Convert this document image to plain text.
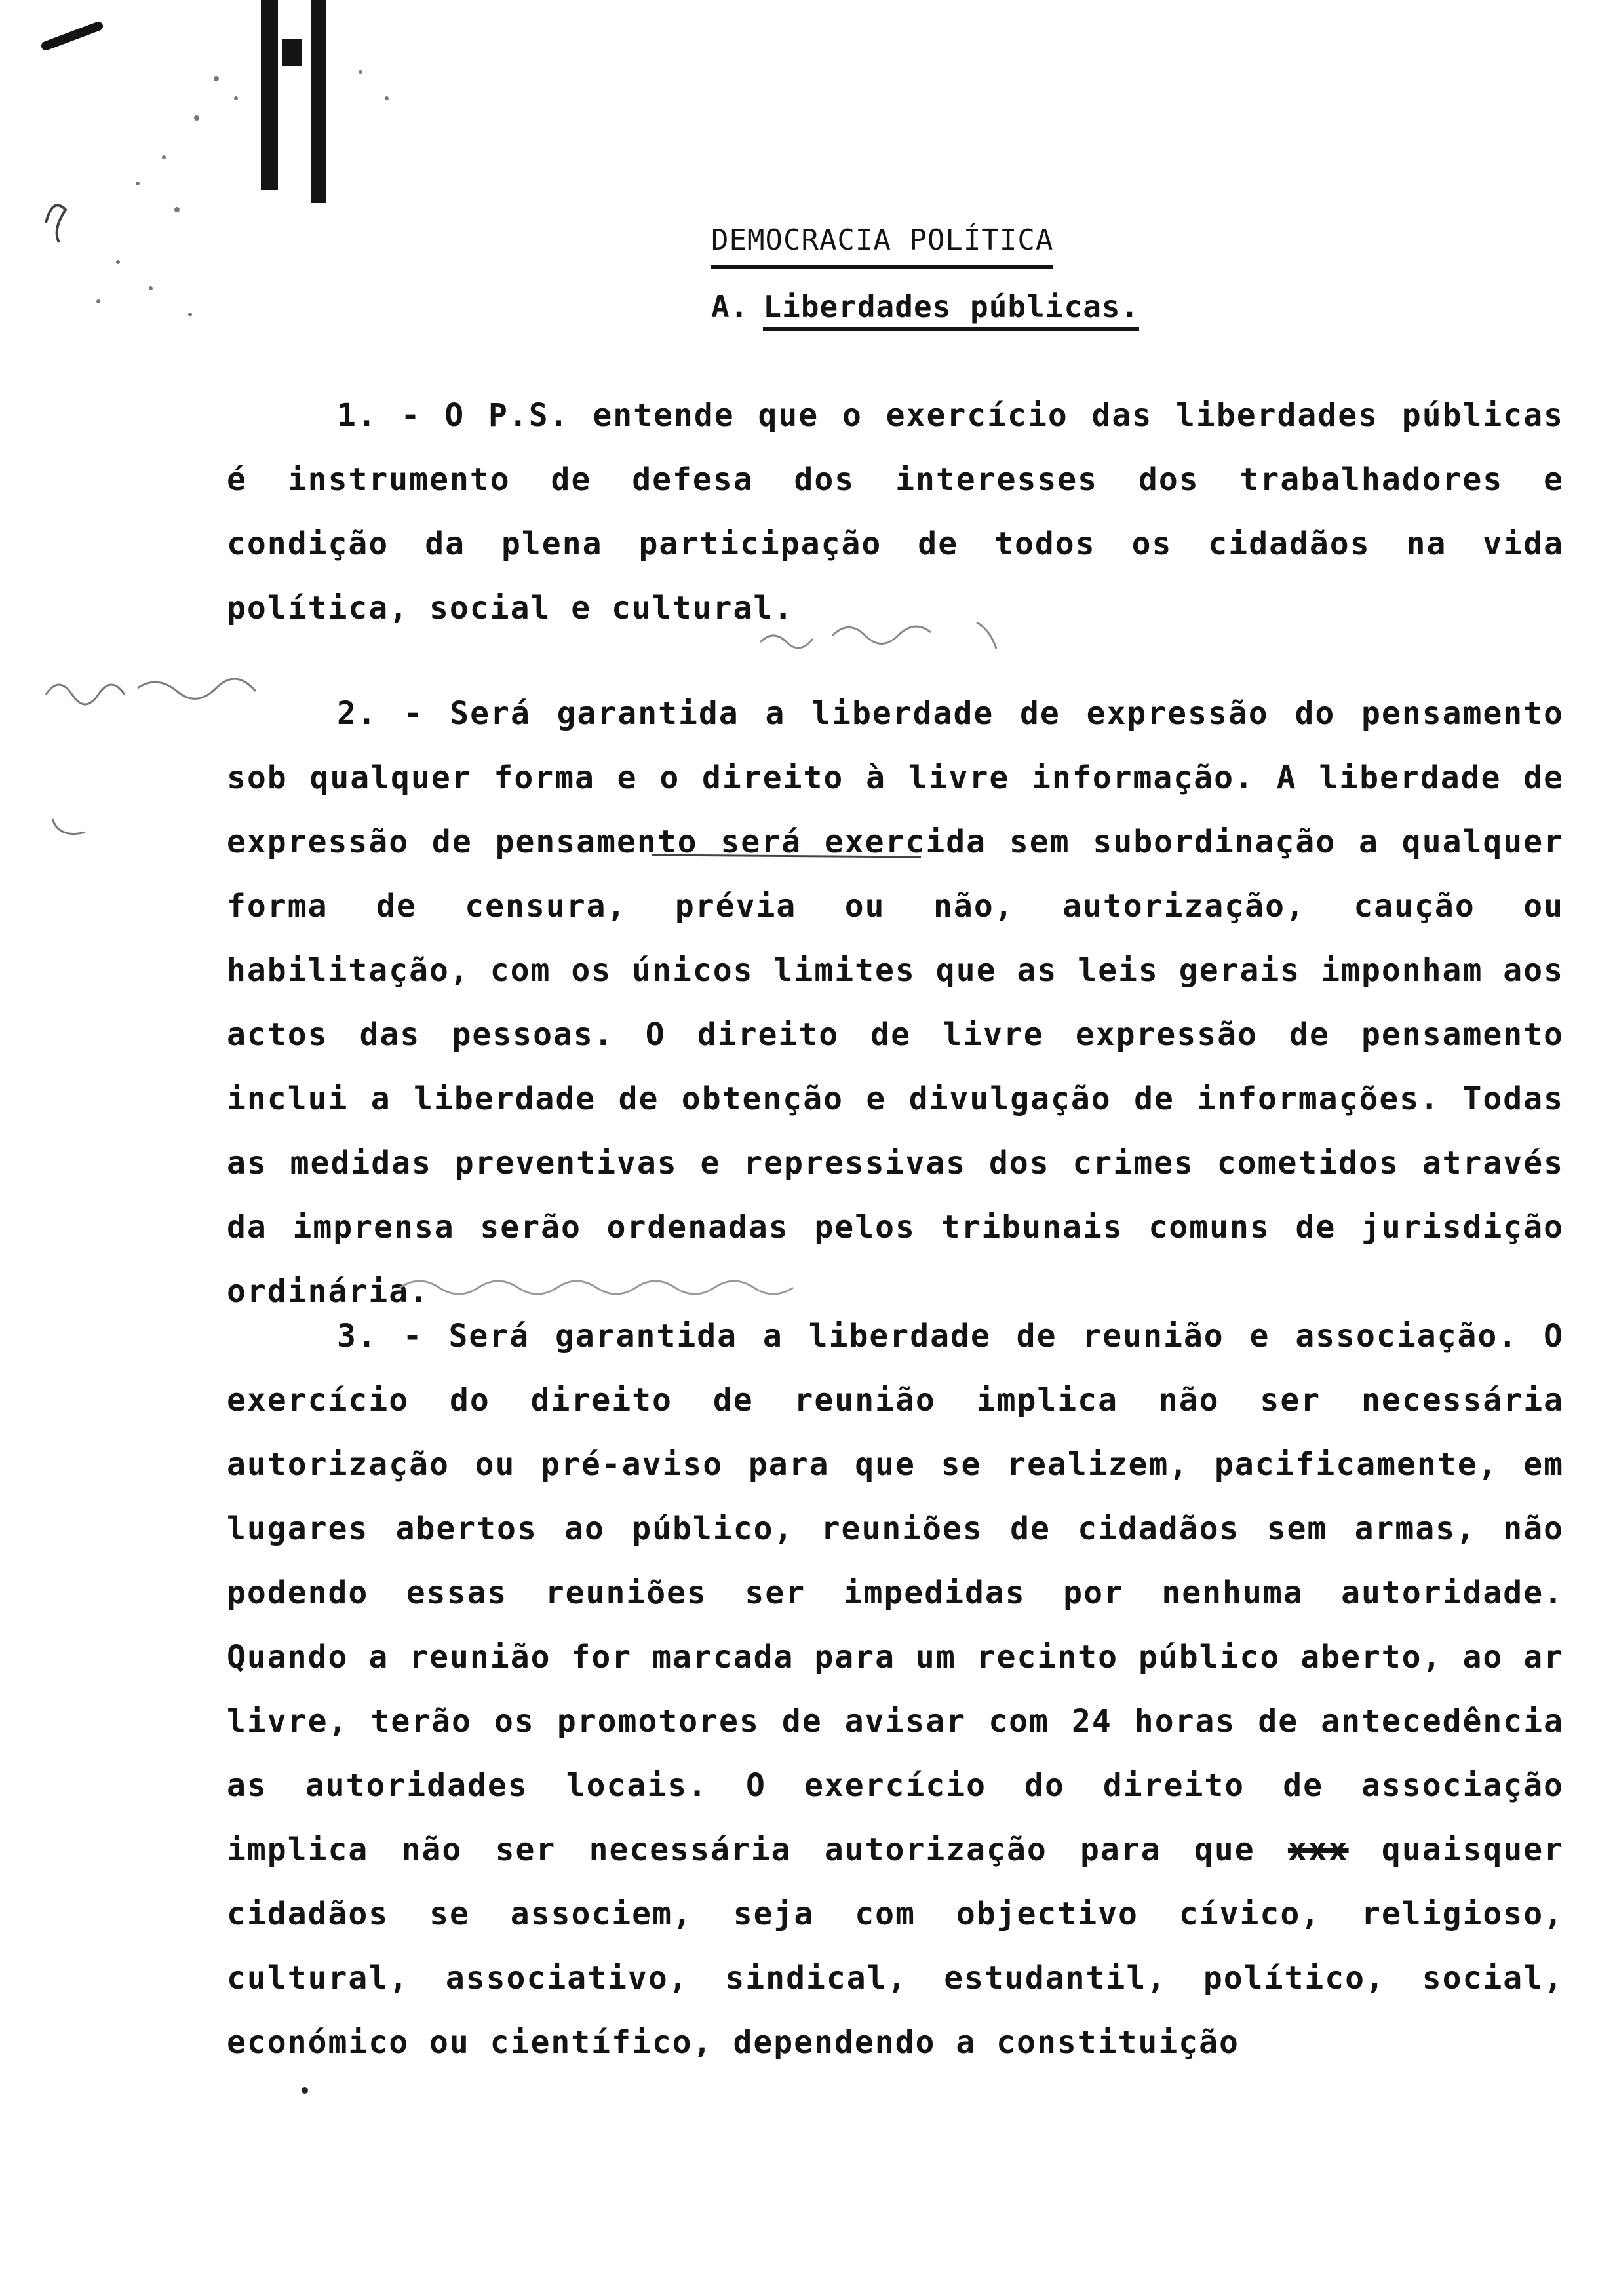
DEMOCRACIA POLÍTICA
A. Liberdades públicas.
1. - O P.S. entende que o exercício das liberdades públicas é instrumento de defesa dos interesses dos trabalhadores e condição da plena participação de todos os cidadãos na vida política, social e cultural.
2. - Será garantida a liberdade de expressão do pensamento sob qualquer forma e o direito à livre informação. A liberdade de expressão de pensamento será exercida sem subordinação a qualquer forma de censura, prévia ou não, autorização, caução ou habilitação, com os únicos limites que as leis gerais imponham aos actos das pessoas. O direito de livre expressão de pensamento inclui a liberdade de obtenção e divulgação de informações. Todas as medidas preventivas e repressivas dos crimes cometidos através da imprensa serão ordenadas pelos tribunais comuns de jurisdição ordinária.
3. - Será garantida a liberdade de reunião e associação. O exercício do direito de reunião implica não ser necessária autorização ou pré-aviso para que se realizem, pacificamente, em lugares abertos ao público, reuniões de cidadãos sem armas, não podendo essas reuniões ser impedidas por nenhuma autoridade. Quando a reunião for marcada para um recinto público aberto, ao ar livre, terão os promotores de avisar com 24 horas de antecedência as autoridades locais. O exercício do direito de associação implica não ser necessária autorização para que xxx quaisquer cidadãos se associem, seja com objectivo cívico, religioso, cultural, associativo, sindical, estudantil, político, social, económico ou científico, dependendo a constituição
